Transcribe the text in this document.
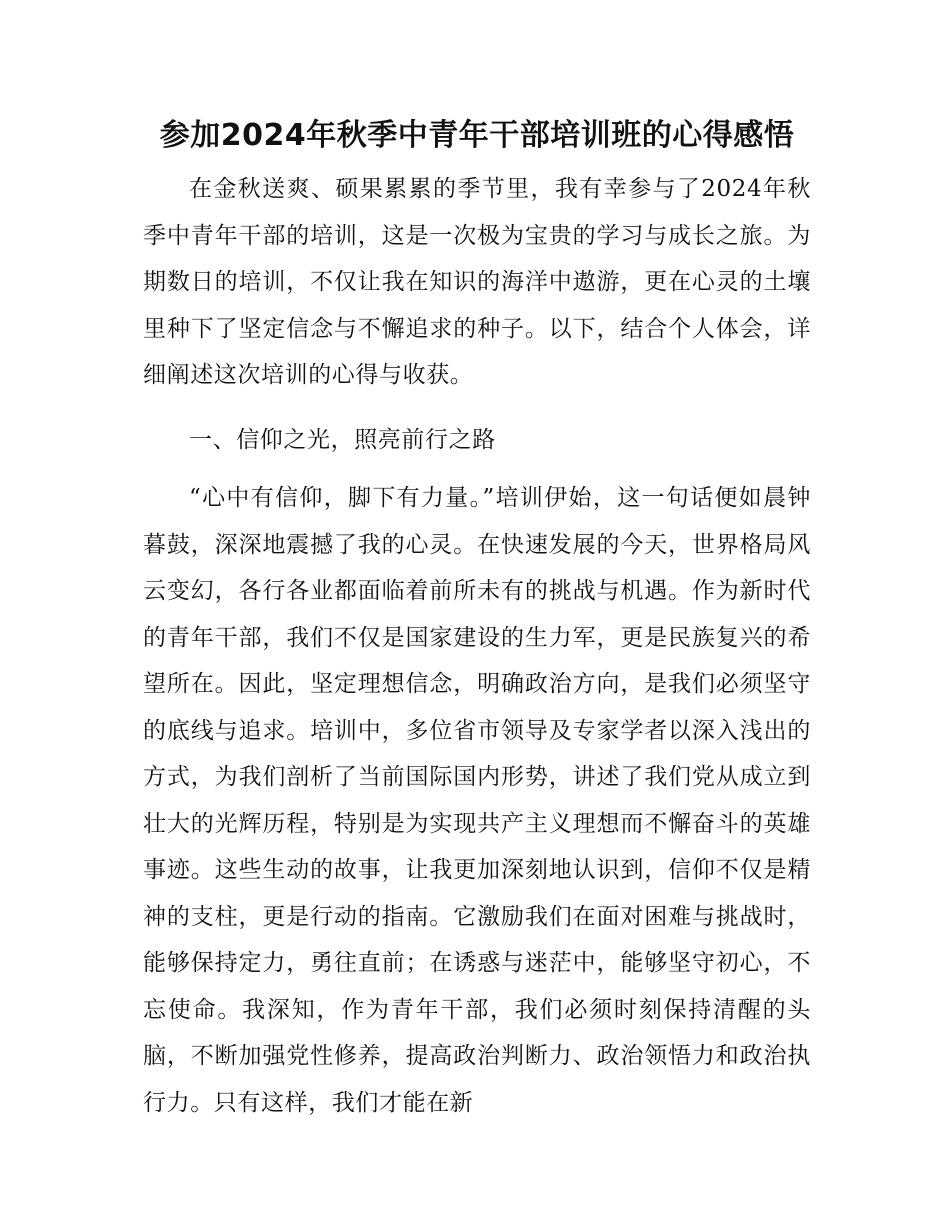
参加2024年秋季中青年干部培训班的心得感悟

在金秋送爽、硕果累累的季节里，我有幸参与了2024年秋季中青年干部的培训，这是一次极为宝贵的学习与成长之旅。为期数日的培训，不仅让我在知识的海洋中遨游，更在心灵的土壤里种下了坚定信念与不懈追求的种子。以下，结合个人体会，详细阐述这次培训的心得与收获。

一、信仰之光，照亮前行之路

“心中有信仰，脚下有力量。”培训伊始，这一句话便如晨钟暮鼓，深深地震撼了我的心灵。在快速发展的今天，世界格局风云变幻，各行各业都面临着前所未有的挑战与机遇。作为新时代的青年干部，我们不仅是国家建设的生力军，更是民族复兴的希望所在。因此，坚定理想信念，明确政治方向，是我们必须坚守的底线与追求。培训中，多位省市领导及专家学者以深入浅出的方式，为我们剖析了当前国际国内形势，讲述了我们党从成立到壮大的光辉历程，特别是为实现共产主义理想而不懈奋斗的英雄事迹。这些生动的故事，让我更加深刻地认识到，信仰不仅是精神的支柱，更是行动的指南。它激励我们在面对困难与挑战时，能够保持定力，勇往直前；在诱惑与迷茫中，能够坚守初心，不忘使命。我深知，作为青年干部，我们必须时刻保持清醒的头脑，不断加强党性修养，提高政治判断力、政治领悟力和政治执行力。只有这样，我们才能在新
